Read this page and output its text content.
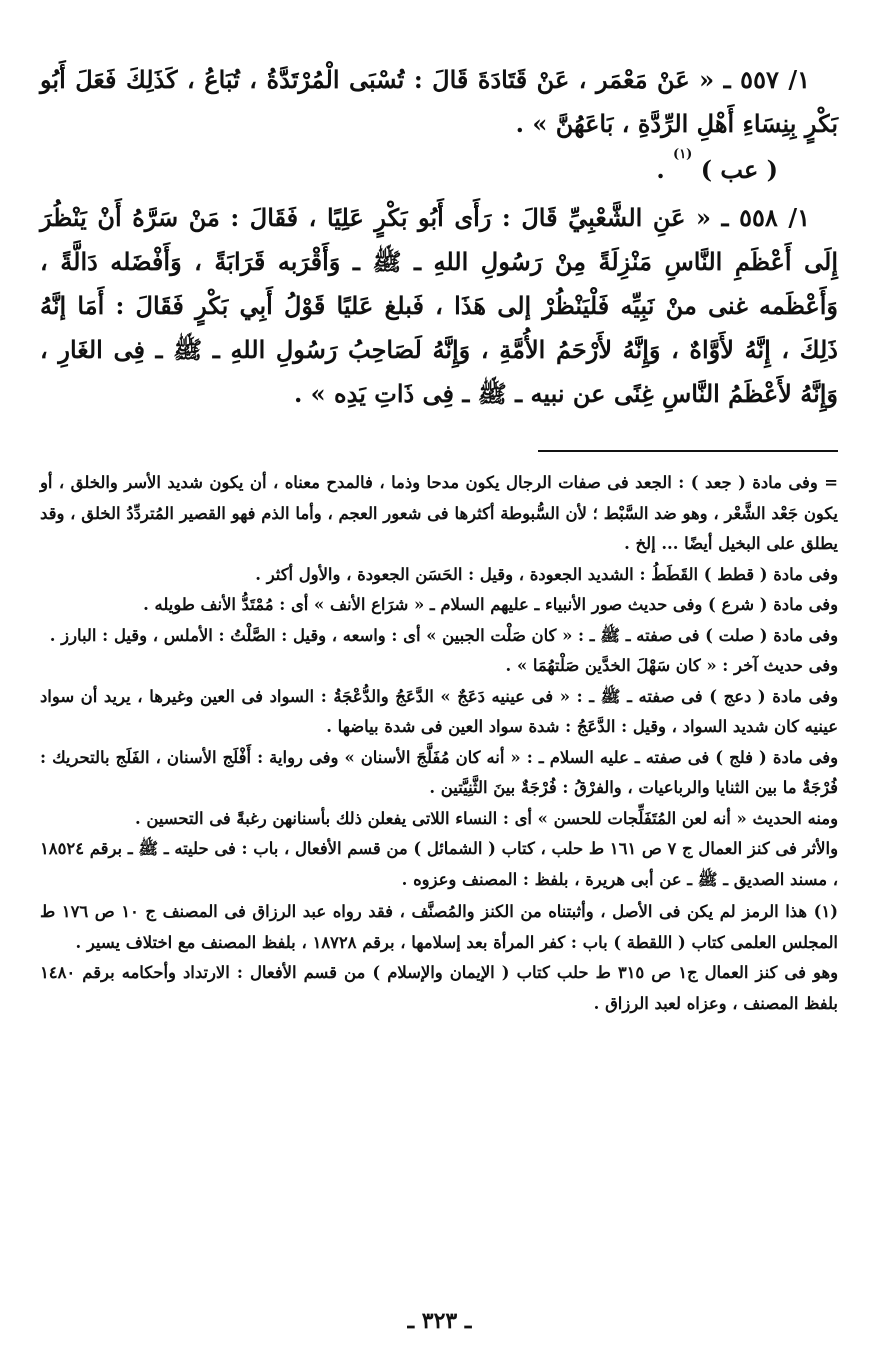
١/ ٥٥٧ ـ « عَنْ مَعْمَر ، عَنْ قَتَادَةَ قَالَ : تُسْبَى الْمُرْتَدَّةُ ، تُبَاعُ ، كَذَلِكَ فَعَلَ أَبُو بَكْرٍ بِنِسَاءِ أَهْلِ الرِّدَّةِ ، بَاعَهُنَّ » .

( عب ) $^{(١)}$ .

١/ ٥٥٨ ـ « عَنِ الشَّعْبِيِّ قَالَ : رَأَى أَبُو بَكْرٍ عَلِيًا ، فَقَالَ : مَنْ سَرَّهُ أَنْ يَنْظُرَ إِلَى أَعْظَمِ النَّاسِ مَنْزِلَةً مِنْ رَسُولِ اللهِ ـ ﷺ ـ وَأَقْرَبه قَرَابَةً ، وَأَفْضَله دَالَّةً ، وَأَعْظَمه غنى منْ نَبِيِّه فَلْيَنْظُرْ إلى هَذَا ، فَبلغ عَليًا قَوْلُ أَبِي بَكْرٍ فَقَالَ : أَمَا إنَّهُ ذَلِكَ ، إِنَّهُ لأَوَّاهٌ ، وَإِنَّهُ لأَرْحَمُ الأُمَّةِ ، وَإِنَّهُ لَصَاحِبُ رَسُولِ اللهِ ـ ﷺ ـ فِى الغَارِ ، وَإِنَّهُ لأَعْظَمُ النَّاسِ غِنًى عن نبيه ـ ﷺ ـ فِى ذَاتِ يَدِه » .

= وفى مادة ( جعد ) : الجعد فى صفات الرجال يكون مدحا وذما ، فالمدح معناه ، أن يكون شديد الأسر والخلق ، أو يكون جَعْد الشَّعْر ، وهو ضد السَّبْط ؛ لأن السُّبوطة أكثرها فى شعور العجم ، وأما الذم فهو القصير المُتردِّدُ الخلق ، وقد يطلق على البخيل أيضًا ... إلخ .

وفى مادة ( قطط ) القَطَطُ : الشديد الجعودة ، وقيل : الحَسَن الجعودة ، والأول أكثر .

وفى مادة ( شرع ) وفى حديث صور الأنبياء ـ عليهم السلام ـ « شرَاع الأنف » أى : مُمْتَدُّ الأنف طويله .

وفى مادة ( صلت ) فى صفته ـ ﷺ ـ : « كان صَلْت الجبين » أى : واسعه ، وقيل : الصَّلْتُ : الأملس ، وقيل : البارز .

وفى حديث آخر : « كان سَهْلَ الخدَّين صَلْتهُمَا » .

وفى مادة ( دعج ) فى صفته ـ ﷺ ـ : « فى عينيه دَعَجٌ » الدَّعَجُ والدُّعْجَةُ : السواد فى العين وغيرها ، يريد أن سواد عينيه كان شديد السواد ، وقيل : الدَّعَجُ : شدة سواد العين فى شدة بياضها .

وفى مادة ( فلج ) فى صفته ـ عليه السلام ـ : « أنه كان مُفَلَّجَ الأسنان » وفى رواية : أَفْلَج الأسنان ، الفَلَج بالتحريك : فُرْجَةٌ ما بين الثنايا والرباعيات ، والفرْقُ : فُرْجَةٌ بينَ الثَّنِيَّتين .

ومنه الحديث « أنه لعن المُتَفَلِّجات للحسن » أى : النساء اللاتى يفعلن ذلك بأسنانهن رغبةً فى التحسين .

والأثر فى كنز العمال ج ٧ ص ١٦١ ط حلب ، كتاب ( الشمائل ) من قسم الأفعال ، باب : فى حليته ـ ﷺ ـ برقم ١٨٥٢٤ ، مسند الصديق ـ ﷺ ـ عن أبى هريرة ، بلفظ : المصنف وعزوه .

(١) هذا الرمز لم يكن فى الأصل ، وأثبتناه من الكنز والمُصنَّف ، فقد رواه عبد الرزاق فى المصنف ج ١٠ ص ١٧٦ ط المجلس العلمى كتاب ( اللقطة ) باب : كفر المرأة بعد إسلامها ، برقم ١٨٧٢٨ ، بلفظ المصنف مع اختلاف يسير .

وهو فى كنز العمال ج١ ص ٣١٥ ط حلب كتاب ( الإيمان والإسلام ) من قسم الأفعال : الارتداد وأحكامه برقم ١٤٨٠ بلفظ المصنف ، وعزاه لعبد الرزاق .

ـ ٣٢٣ ـ
